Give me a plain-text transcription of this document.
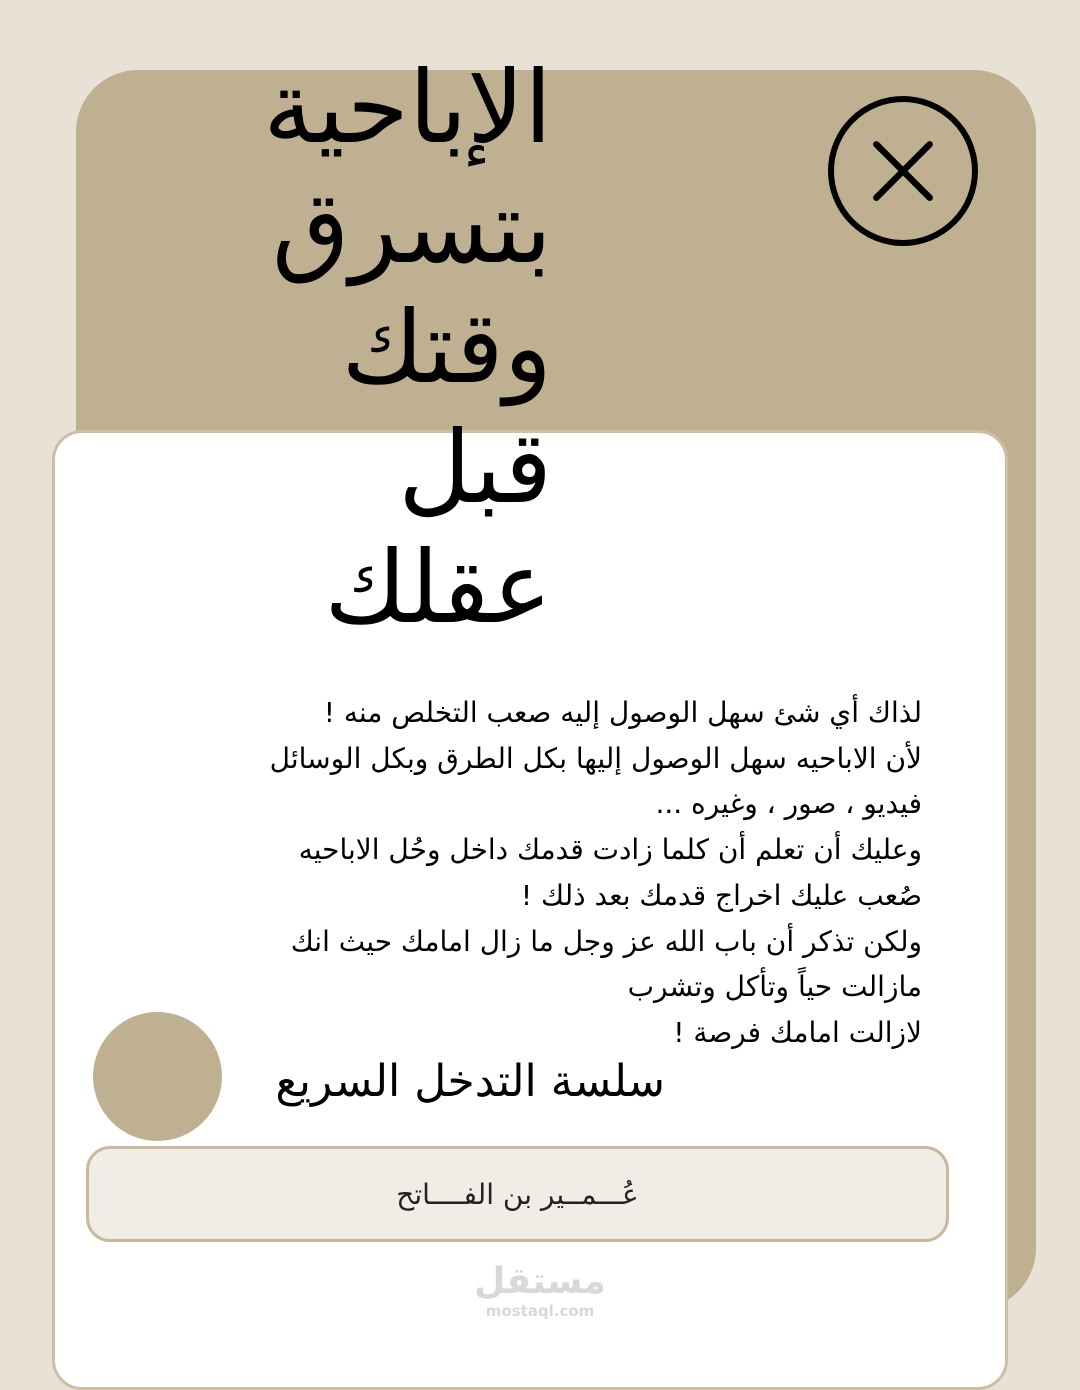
الإباحية
بتسرق
وقتك
قبل
عقلك
لذاك أي شئ سهل الوصول إليه صعب التخلص منه !
لأن الاباحيه سهل الوصول إليها بكل الطرق وبكل الوسائل
فيديو ، صور ، وغيره ...
وعليك أن تعلم أن كلما زادت قدمك داخل وحُل الاباحيه
صُعب عليك اخراج قدمك بعد ذلك !
ولكن تذكر أن باب الله عز وجل ما زال امامك حيث انك
مازالت حياً وتأكل وتشرب
لازالت امامك فرصة !
سلسة التدخل السريع
عُـــمــير بن الفــــاتح
مستقل
mostaql.com
